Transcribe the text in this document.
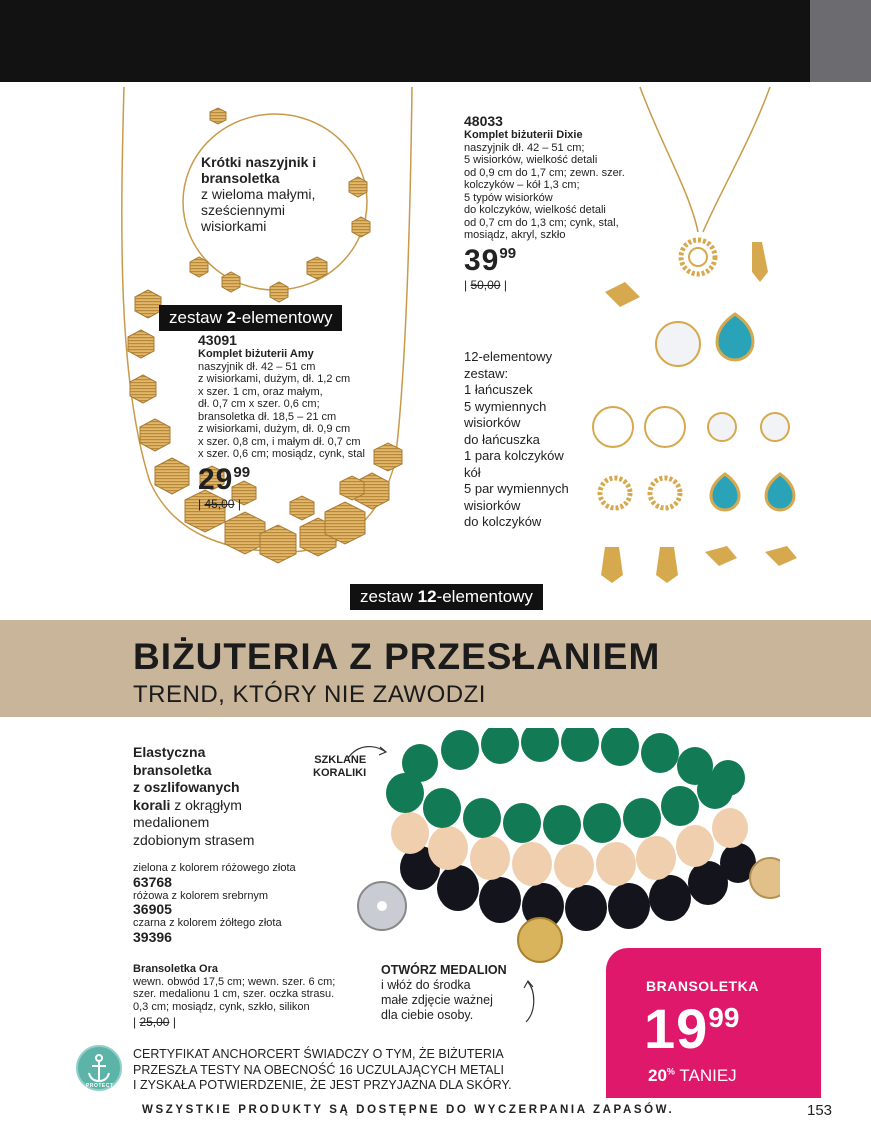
Krótki naszyjnik i bransoletka
z wieloma małymi, sześciennymi wisiorkami
zestaw 2-elementowy
43091
Komplet biżuterii Amy
naszyjnik dł. 42 – 51 cm
z wisiorkami, dużym, dł. 1,2 cm
x szer. 1 cm, oraz małym,
dł. 0,7 cm x szer. 0,6 cm;
bransoletka dł. 18,5 – 21 cm
z wisiorkami, dużym, dł. 0,9 cm
x szer. 0,8 cm, i małym dł. 0,7 cm
x szer. 0,6 cm; mosiądz, cynk, stal
2999
| 45,00 |
48033
Komplet biżuterii Dixie
naszyjnik dł. 42 – 51 cm;
5 wisiorków, wielkość detali
od 0,9 cm do 1,7 cm; zewn. szer.
kolczyków – kół 1,3 cm;
5 typów wisiorków
do kolczyków, wielkość detali
od 0,7 cm do 1,3 cm; cynk, stal,
mosiądz, akryl, szkło
3999
| 50,00 |
12-elementowy
zestaw:
1 łańcuszek
5 wymiennych
wisiorków
do łańcuszka
1 para kolczyków
kół
5 par wymiennych
wisiorków
do kolczyków
zestaw 12-elementowy
BIŻUTERIA Z PRZESŁANIEM
TREND, KTÓRY NIE ZAWODZI
Elastyczna
bransoletka
z oszlifowanych
korali z okrągłym
medalionem
zdobionym strasem
zielona z kolorem różowego złota
63768
różowa z kolorem srebrnym
36905
czarna z kolorem żółtego złota
39396
Bransoletka Ora
wewn. obwód 17,5 cm; wewn. szer. 6 cm;
szer. medalionu 1 cm, szer. oczka strasu.
0,3 cm; mosiądz, cynk, szkło, silikon
| 25,00 |
SZKLANE
KORALIKI
OTWÓRZ MEDALION
i włóż do środka
małe zdjęcie ważnej
dla ciebie osoby.
BRANSOLETKA
1999
20% TANIEJ
PROTECT
CERTYFIKAT ANCHORCERT ŚWIADCZY O TYM, ŻE BIŻUTERIA
PRZESZŁA TESTY NA OBECNOŚĆ 16 UCZULAJĄCYCH METALI
I ZYSKAŁA POTWIERDZENIE, ŻE JEST PRZYJAZNA DLA SKÓRY.
WSZYSTKIE PRODUKTY SĄ DOSTĘPNE DO WYCZERPANIA ZAPASÓW.	153
